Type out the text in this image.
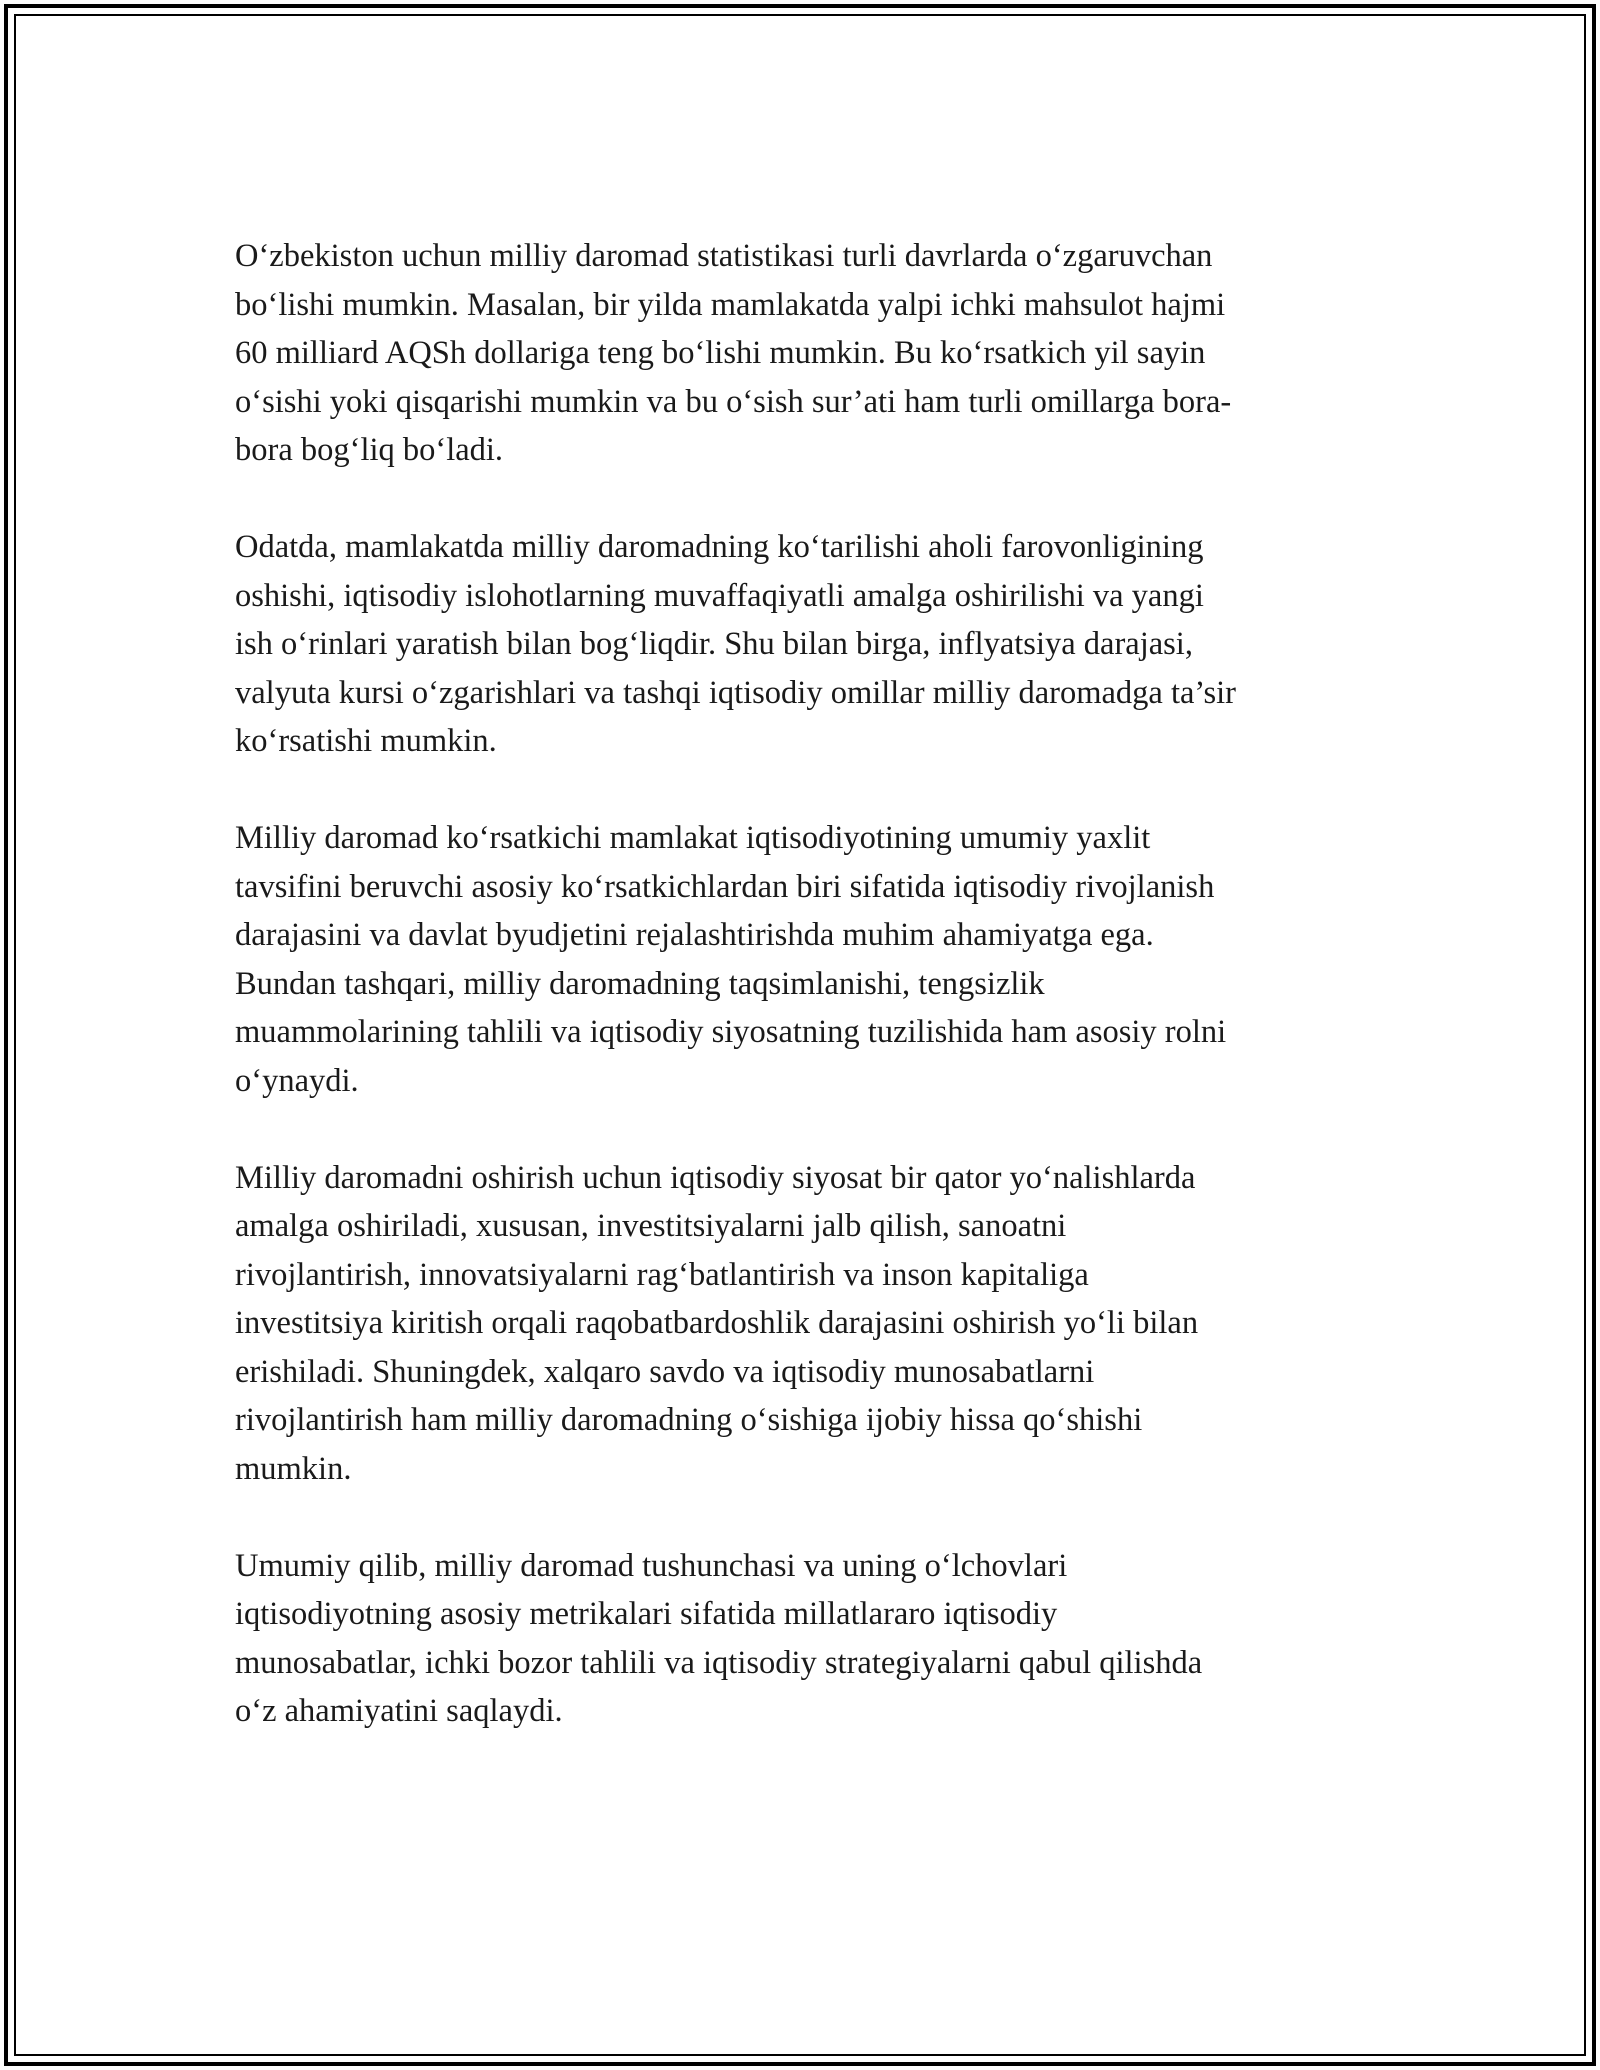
O‘zbekiston uchun milliy daromad statistikasi turli davrlarda o‘zgaruvchan
bo‘lishi mumkin. Masalan, bir yilda mamlakatda yalpi ichki mahsulot hajmi
60 milliard AQSh dollariga teng bo‘lishi mumkin. Bu ko‘rsatkich yil sayin
o‘sishi yoki qisqarishi mumkin va bu o‘sish sur’ati ham turli omillarga bora-
bora bog‘liq bo‘ladi.

Odatda, mamlakatda milliy daromadning ko‘tarilishi aholi farovonligining
oshishi, iqtisodiy islohotlarning muvaffaqiyatli amalga oshirilishi va yangi
ish o‘rinlari yaratish bilan bog‘liqdir. Shu bilan birga, inflyatsiya darajasi,
valyuta kursi o‘zgarishlari va tashqi iqtisodiy omillar milliy daromadga ta’sir
ko‘rsatishi mumkin.

Milliy daromad ko‘rsatkichi mamlakat iqtisodiyotining umumiy yaxlit
tavsifini beruvchi asosiy ko‘rsatkichlardan biri sifatida iqtisodiy rivojlanish
darajasini va davlat byudjetini rejalashtirishda muhim ahamiyatga ega.
Bundan tashqari, milliy daromadning taqsimlanishi, tengsizlik
muammolarining tahlili va iqtisodiy siyosatning tuzilishida ham asosiy rolni
o‘ynaydi.

Milliy daromadni oshirish uchun iqtisodiy siyosat bir qator yo‘nalishlarda
amalga oshiriladi, xususan, investitsiyalarni jalb qilish, sanoatni
rivojlantirish, innovatsiyalarni rag‘batlantirish va inson kapitaliga
investitsiya kiritish orqali raqobatbardoshlik darajasini oshirish yo‘li bilan
erishiladi. Shuningdek, xalqaro savdo va iqtisodiy munosabatlarni
rivojlantirish ham milliy daromadning o‘sishiga ijobiy hissa qo‘shishi
mumkin.

Umumiy qilib, milliy daromad tushunchasi va uning o‘lchovlari
iqtisodiyotning asosiy metrikalari sifatida millatlararo iqtisodiy
munosabatlar, ichki bozor tahlili va iqtisodiy strategiyalarni qabul qilishda
o‘z ahamiyatini saqlaydi.
